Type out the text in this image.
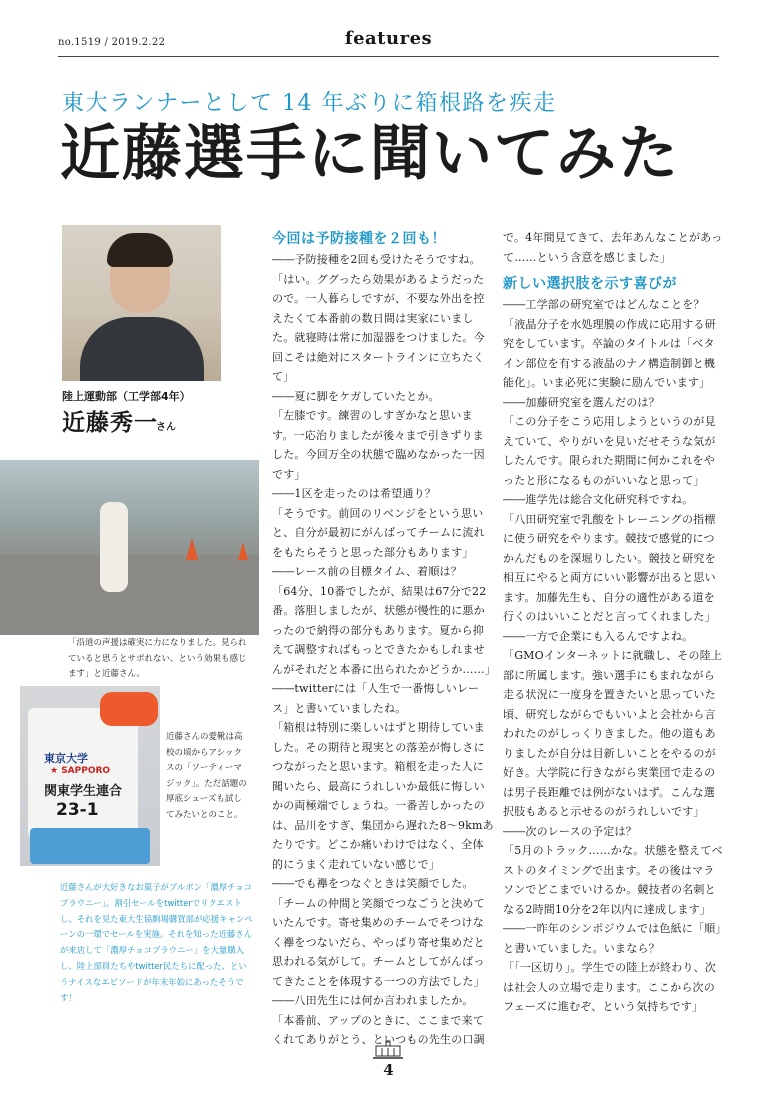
no.1519 / 2019.2.22	features
東大ランナーとして 14 年ぶりに箱根路を疾走
近藤選手に聞いてみた
陸上運動部（工学部4年）
近藤秀一
さん
「沿道の声援は確実に力になりました。見られていると思うとサボれない、という効果も感じます」と近藤さん。
東京大学
★ SAPPORO
関東学生連合
23-1
近藤さんの愛靴は高校の頃からアシックスの「ソーティーマジック」。ただ話題の厚底シューズも試してみたいとのこと。
近藤さんが大好きなお菓子がブルボン「濃厚チョコブラウニー」。割引セールをtwitterでリクエストし、それを見た東大生協駒場購買部が応援キャンペーンの一環でセールを実施。それを知った近藤さんが来店して「濃厚チョコブラウニー」を大量購入し、陸上部員たちやtwitter民たちに配った、というナイスなエピソードが年末年始にあったそうです！

今回は予防接種を２回も！

――予防接種を2回も受けたそうですね。

「はい。ググったら効果があるようだったので。一人暮らしですが、不要な外出を控えたくて本番前の数日間は実家にいました。就寝時は常に加湿器をつけました。今回こそは絶対にスタートラインに立ちたくて」

――夏に脚をケガしていたとか。

「左膝です。練習のしすぎかなと思います。一応治りましたが後々まで引きずりました。今回万全の状態で臨めなかった一因です」

――1区を走ったのは希望通り？

「そうです。前回のリベンジをという思いと、自分が最初にがんばってチームに流れをもたらそうと思った部分もあります」

――レース前の目標タイム、着順は？

「64分、10番でしたが、結果は67分で22番。落胆しましたが、状態が慢性的に悪かったので納得の部分もあります。夏から抑えて調整すればもっとできたかもしれませんがそれだと本番に出られたかどうか……」

――twitterには「人生で一番悔しいレース」と書いていましたね。

「箱根は特別に楽しいはずと期待していました。その期待と現実との落差が悔しさにつながったと思います。箱根を走った人に聞いたら、最高にうれしいか最低に悔しいかの両極端でしょうね。一番苦しかったのは、品川をすぎ、集団から遅れた8～9kmあたりです。どこか痛いわけではなく、全体的にうまく走れていない感じで」

――でも襷をつなぐときは笑顔でした。

「チームの仲間と笑顔でつなごうと決めていたんです。寄せ集めのチームでそつけなく襷をつないだら、やっぱり寄せ集めだと思われる気がして。チームとしてがんばってきたことを体現する一つの方法でした」

――八田先生には何か言われましたか。

「本番前、アップのときに、ここまで来てくれてありがとう、といつもの先生の口調

で。4年間見てきて、去年あんなことがあって……という含意を感じました」

新しい選択肢を示す喜びが

――工学部の研究室ではどんなことを？

「液晶分子を水処理膜の作成に応用する研究をしています。卒論のタイトルは「ベタイン部位を有する液晶のナノ構造制御と機能化」。いま必死に実験に励んでいます」

――加藤研究室を選んだのは？

「この分子をこう応用しようというのが見えていて、やりがいを見いだせそうな気がしたんです。限られた期間に何かこれをやったと形になるものがいいなと思って」

――進学先は総合文化研究科ですね。

「八田研究室で乳酸をトレーニングの指標に使う研究をやります。競技で感覚的につかんだものを深堀りしたい。競技と研究を相互にやると両方にいい影響が出ると思います。加藤先生も、自分の適性がある道を行くのはいいことだと言ってくれました」

――一方で企業にも入るんですよね。

「GMOインターネットに就職し、その陸上部に所属します。強い選手にもまれながら走る状況に一度身を置きたいと思っていた頃、研究しながらでもいいよと会社から言われたのがしっくりきました。他の道もありましたが自分は目新しいことをやるのが好き。大学院に行きながら実業団で走るのは男子長距離では例がないはず。こんな選択肢もあると示せるのがうれしいです」

――次のレースの予定は？

「5月のトラック……かな。状態を整えてベストのタイミングで出ます。その後はマラソンでどこまでいけるか。競技者の名刺となる2時間10分を2年以内に達成します」

――一昨年のシンポジウムでは色紙に「順」と書いていました。いまなら？

「「一区切り」。学生での陸上が終わり、次は社会人の立場で走ります。ここから次のフェーズに進むぞ、という気持ちです」

4
